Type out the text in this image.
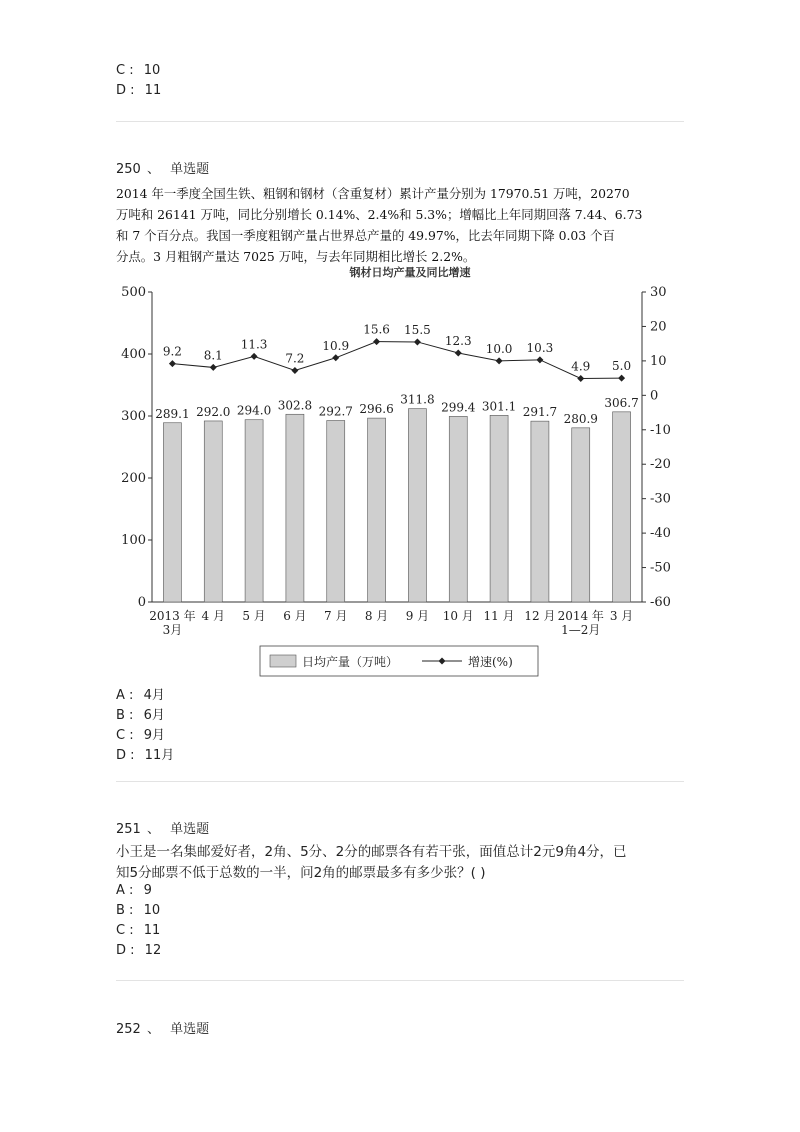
C : 10
D : 11
250 、 单选题
2014 年一季度全国生铁、粗钢和钢材（含重复材）累计产量分别为 17970.51 万吨，20270
万吨和 26141 万吨，同比分别增长 0.14%、2.4%和 5.3%；增幅比上年同期回落 7.44、6.73
和 7 个百分点。我国一季度粗钢产量占世界总产量的 49.97%，比去年同期下降 0.03 个百
分点。3 月粗钢产量达 7025 万吨，与去年同期相比增长 2.2%。
钢材日均产量及同比增速
0
100
200
300
400
500	30
20
10
0
-10
-20
-30
-40
-50
-60
289.1 292.0 294.0 302.8 292.7 296.6
311.8
299.4 301.1 291.7 280.9
306.7
9.2 8.1
11.3
7.2
10.9
15.6 15.5
12.3
10.0 10.3
4.9 5.0
2013 年
3月
4 月 5 月 6 月 7 月 8 月 9 月 10 月 11 月 12 月 2014 年
1—2月
3 月
日均产量（万吨）	增速(%)
A : 4月
B : 6月
C : 9月
D : 11月
251 、 单选题
小王是一名集邮爱好者，2角、5分、2分的邮票各有若干张，面值总计2元9角4分，已
知5分邮票不低于总数的一半，问2角的邮票最多有多少张？( )
A : 9
B : 10
C : 11
D : 12
252 、 单选题
